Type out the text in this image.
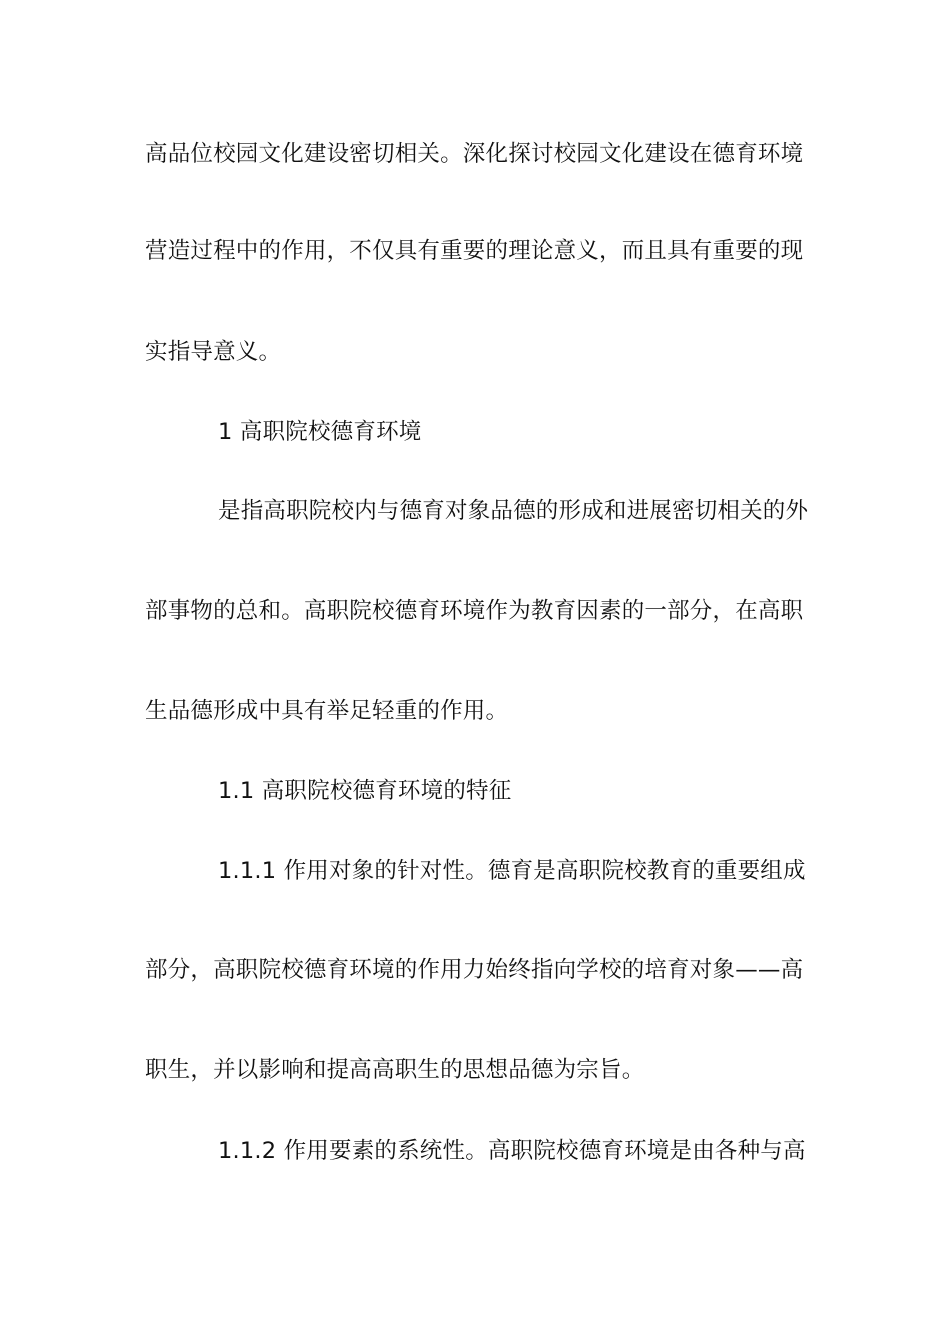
高品位校园文化建设密切相关。深化探讨校园文化建设在德育环境
营造过程中的作用，不仅具有重要的理论意义，而且具有重要的现
实指导意义。
1 高职院校德育环境
是指高职院校内与德育对象品德的形成和进展密切相关的外
部事物的总和。高职院校德育环境作为教育因素的一部分，在高职
生品德形成中具有举足轻重的作用。
1.1 高职院校德育环境的特征
1.1.1 作用对象的针对性。德育是高职院校教育的重要组成
部分，高职院校德育环境的作用力始终指向学校的培育对象——高
职生，并以影响和提高高职生的思想品德为宗旨。
1.1.2 作用要素的系统性。高职院校德育环境是由各种与高
